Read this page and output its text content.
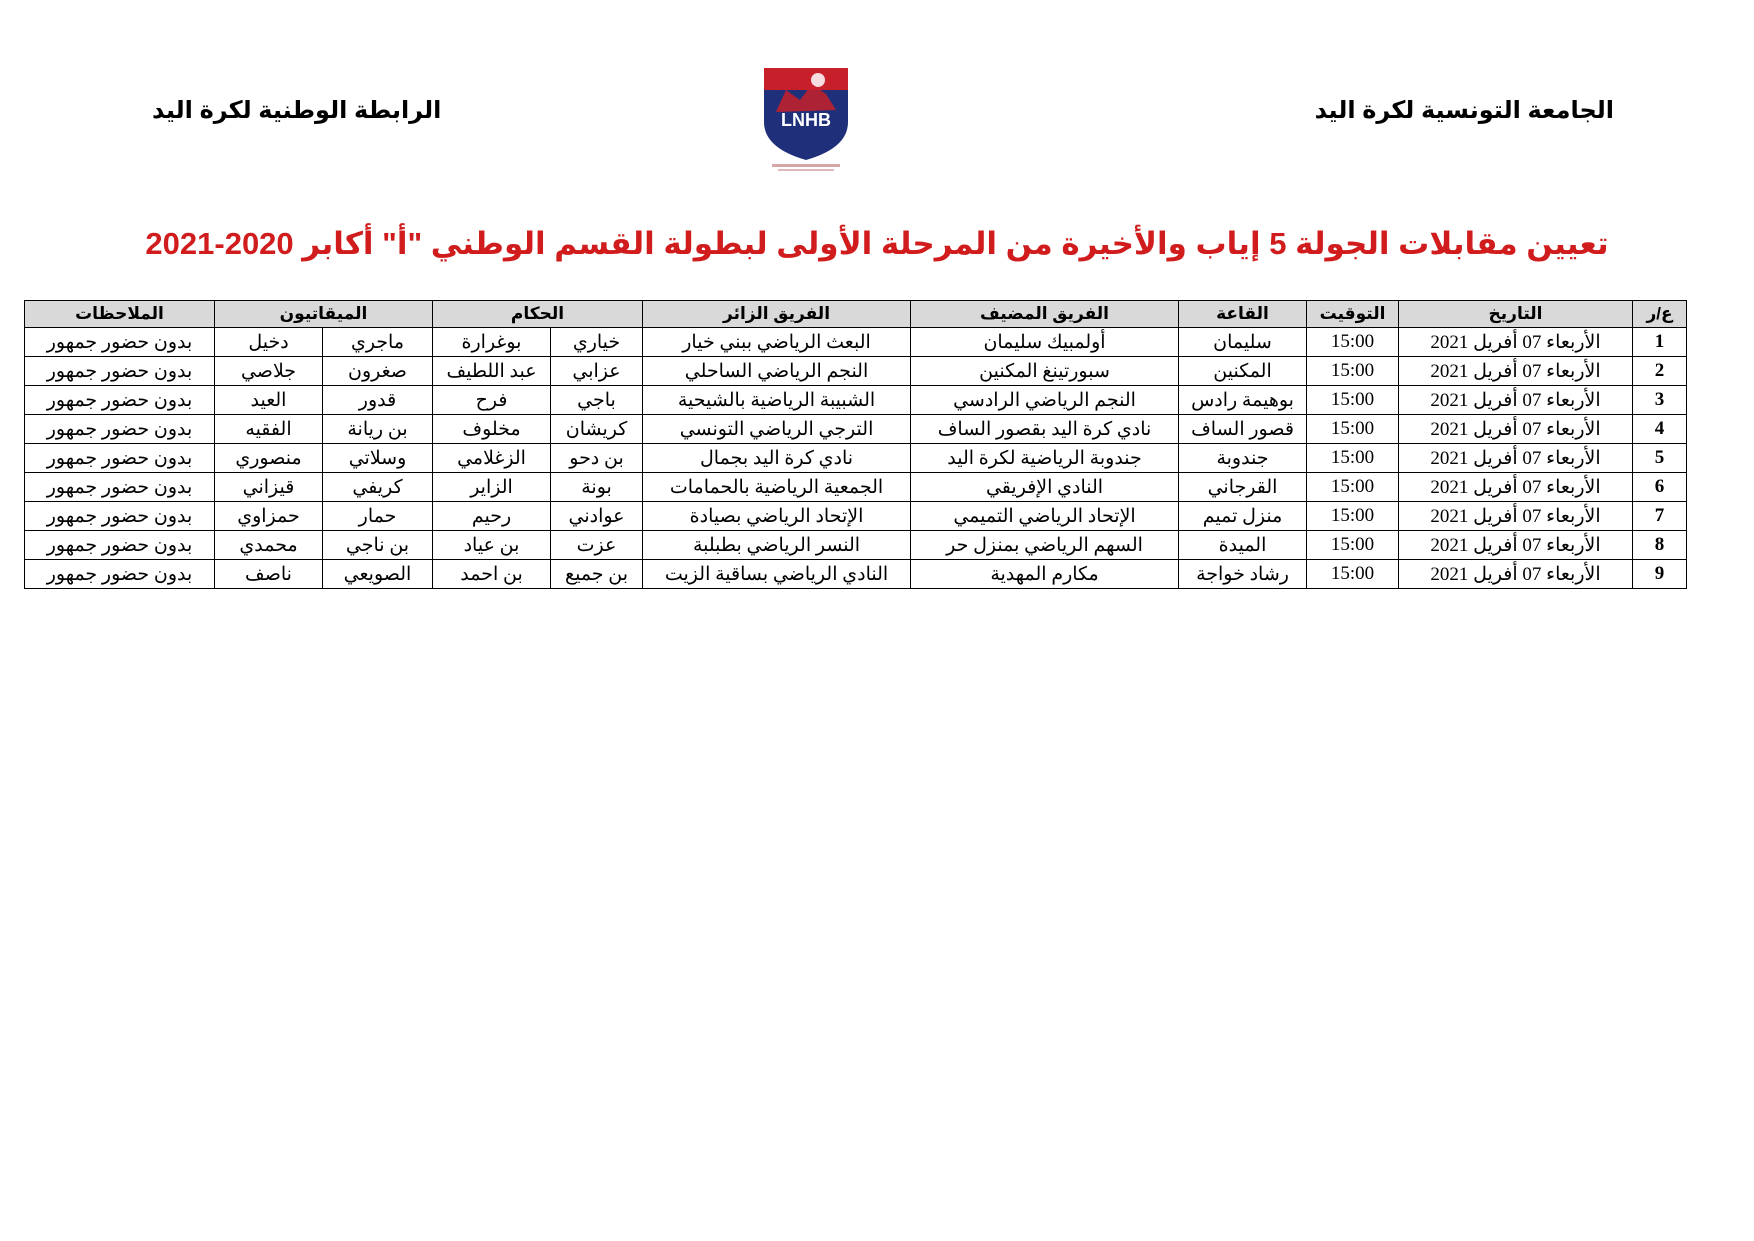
الجامعة التونسية لكرة اليد
الرابطة الوطنية لكرة اليد	LNHB
تعيين مقابلات الجولة 5 إياب والأخيرة من المرحلة الأولى لبطولة القسم الوطني "أ" أكابر 2020-2021
ع/ر	التاريخ	التوقيت	القاعة	الفريق المضيف	الفريق الزائر	الحكام		الميقاتيون		الملاحظات
1	الأربعاء 07 أفريل 2021	15:00	سليمان	أولمبيك سليمان	البعث الرياضي ببني خيار	خياري	بوغرارة	ماجري	دخيل	بدون حضور جمهور
2	الأربعاء 07 أفريل 2021	15:00	المكنين	سبورتينغ المكنين	النجم الرياضي الساحلي	عزابي	عبد اللطيف	صغرون	جلاصي	بدون حضور جمهور
3	الأربعاء 07 أفريل 2021	15:00	بوهيمة رادس	النجم الرياضي الرادسي	الشبيبة الرياضية بالشيحية	باجي	فرح	قدور	العيد	بدون حضور جمهور
4	الأربعاء 07 أفريل 2021	15:00	قصور الساف	نادي كرة اليد بقصور الساف	الترجي الرياضي التونسي	كريشان	مخلوف	بن ريانة	الفقيه	بدون حضور جمهور
5	الأربعاء 07 أفريل 2021	15:00	جندوبة	جندوبة الرياضية لكرة اليد	نادي كرة اليد بجمال	بن دحو	الزغلامي	وسلاتي	منصوري	بدون حضور جمهور
6	الأربعاء 07 أفريل 2021	15:00	القرجاني	النادي الإفريقي	الجمعية الرياضية بالحمامات	بونة	الزاير	كريفي	قيزاني	بدون حضور جمهور
7	الأربعاء 07 أفريل 2021	15:00	منزل تميم	الإتحاد الرياضي التميمي	الإتحاد الرياضي بصيادة	عوادني	رحيم	حمار	حمزاوي	بدون حضور جمهور
8	الأربعاء 07 أفريل 2021	15:00	الميدة	السهم الرياضي بمنزل حر	النسر الرياضي بطبلبة	عزت	بن عياد	بن ناجي	محمدي	بدون حضور جمهور
9	الأربعاء 07 أفريل 2021	15:00	رشاد خواجة	مكارم المهدية	النادي الرياضي بساقية الزيت	بن جميع	بن احمد	الصويعي	ناصف	بدون حضور جمهور
